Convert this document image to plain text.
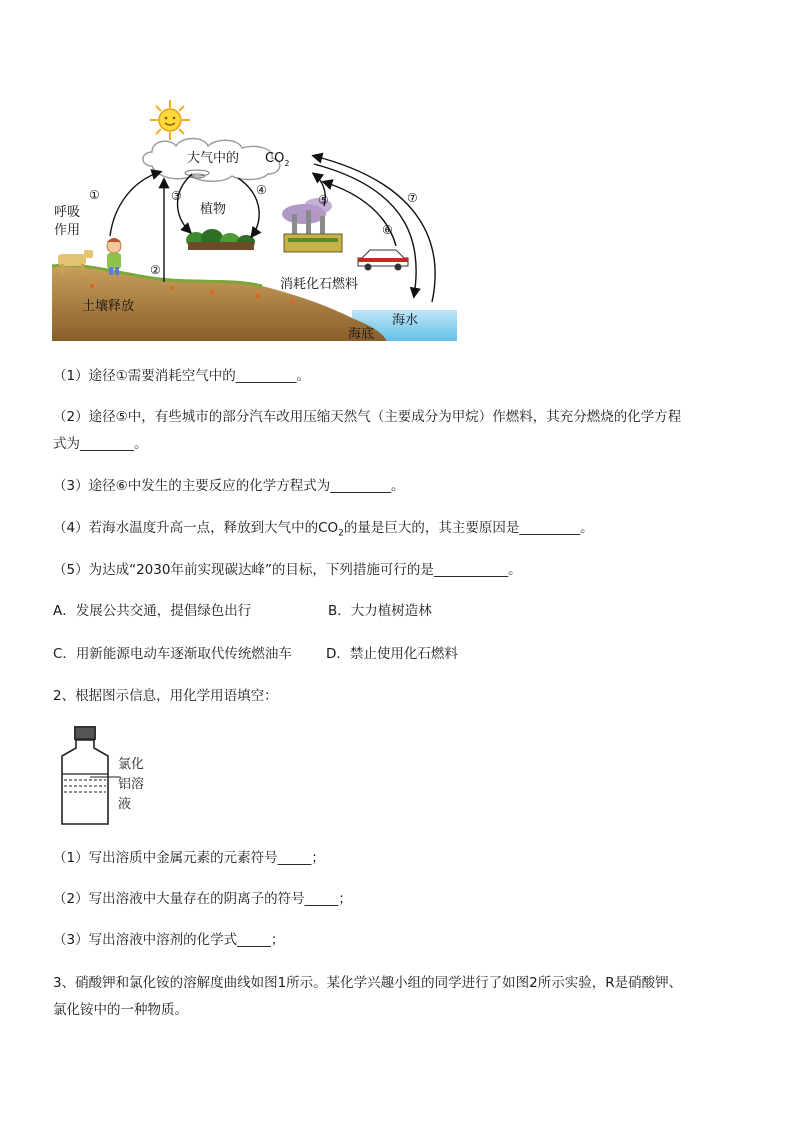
大气中的 $CO_2$
①
②
③	④
⑤
⑥
⑦
呼吸
作用
植物
消耗化石燃料
土壤释放
海水
海底
（1）途径①需要消耗空气中的_________。
（2）途径⑤中，有些城市的部分汽车改用压缩天然气（主要成分为甲烷）作燃料，其充分燃烧的化学方程
式为________。
（3）途径⑥中发生的主要反应的化学方程式为_________。
（4）若海水温度升高一点，释放到大气中的$CO_2$的量是巨大的，其主要原因是_________。
（5）为达成“2030年前实现碳达峰”的目标，下列措施可行的是___________。
A．发展公共交通，提倡绿色出行	B．大力植树造林
C．用新能源电动车逐渐取代传统燃油车	D．禁止使用化石燃料
2、根据图示信息，用化学用语填空：
氯化
铝溶
液
（1）写出溶质中金属元素的元素符号_____；
（2）写出溶液中大量存在的阴离子的符号_____；
（3）写出溶液中溶剂的化学式_____；
3、硝酸钾和氯化铵的溶解度曲线如图1所示。某化学兴趣小组的同学进行了如图2所示实验，R是硝酸钾、
氯化铵中的一种物质。
